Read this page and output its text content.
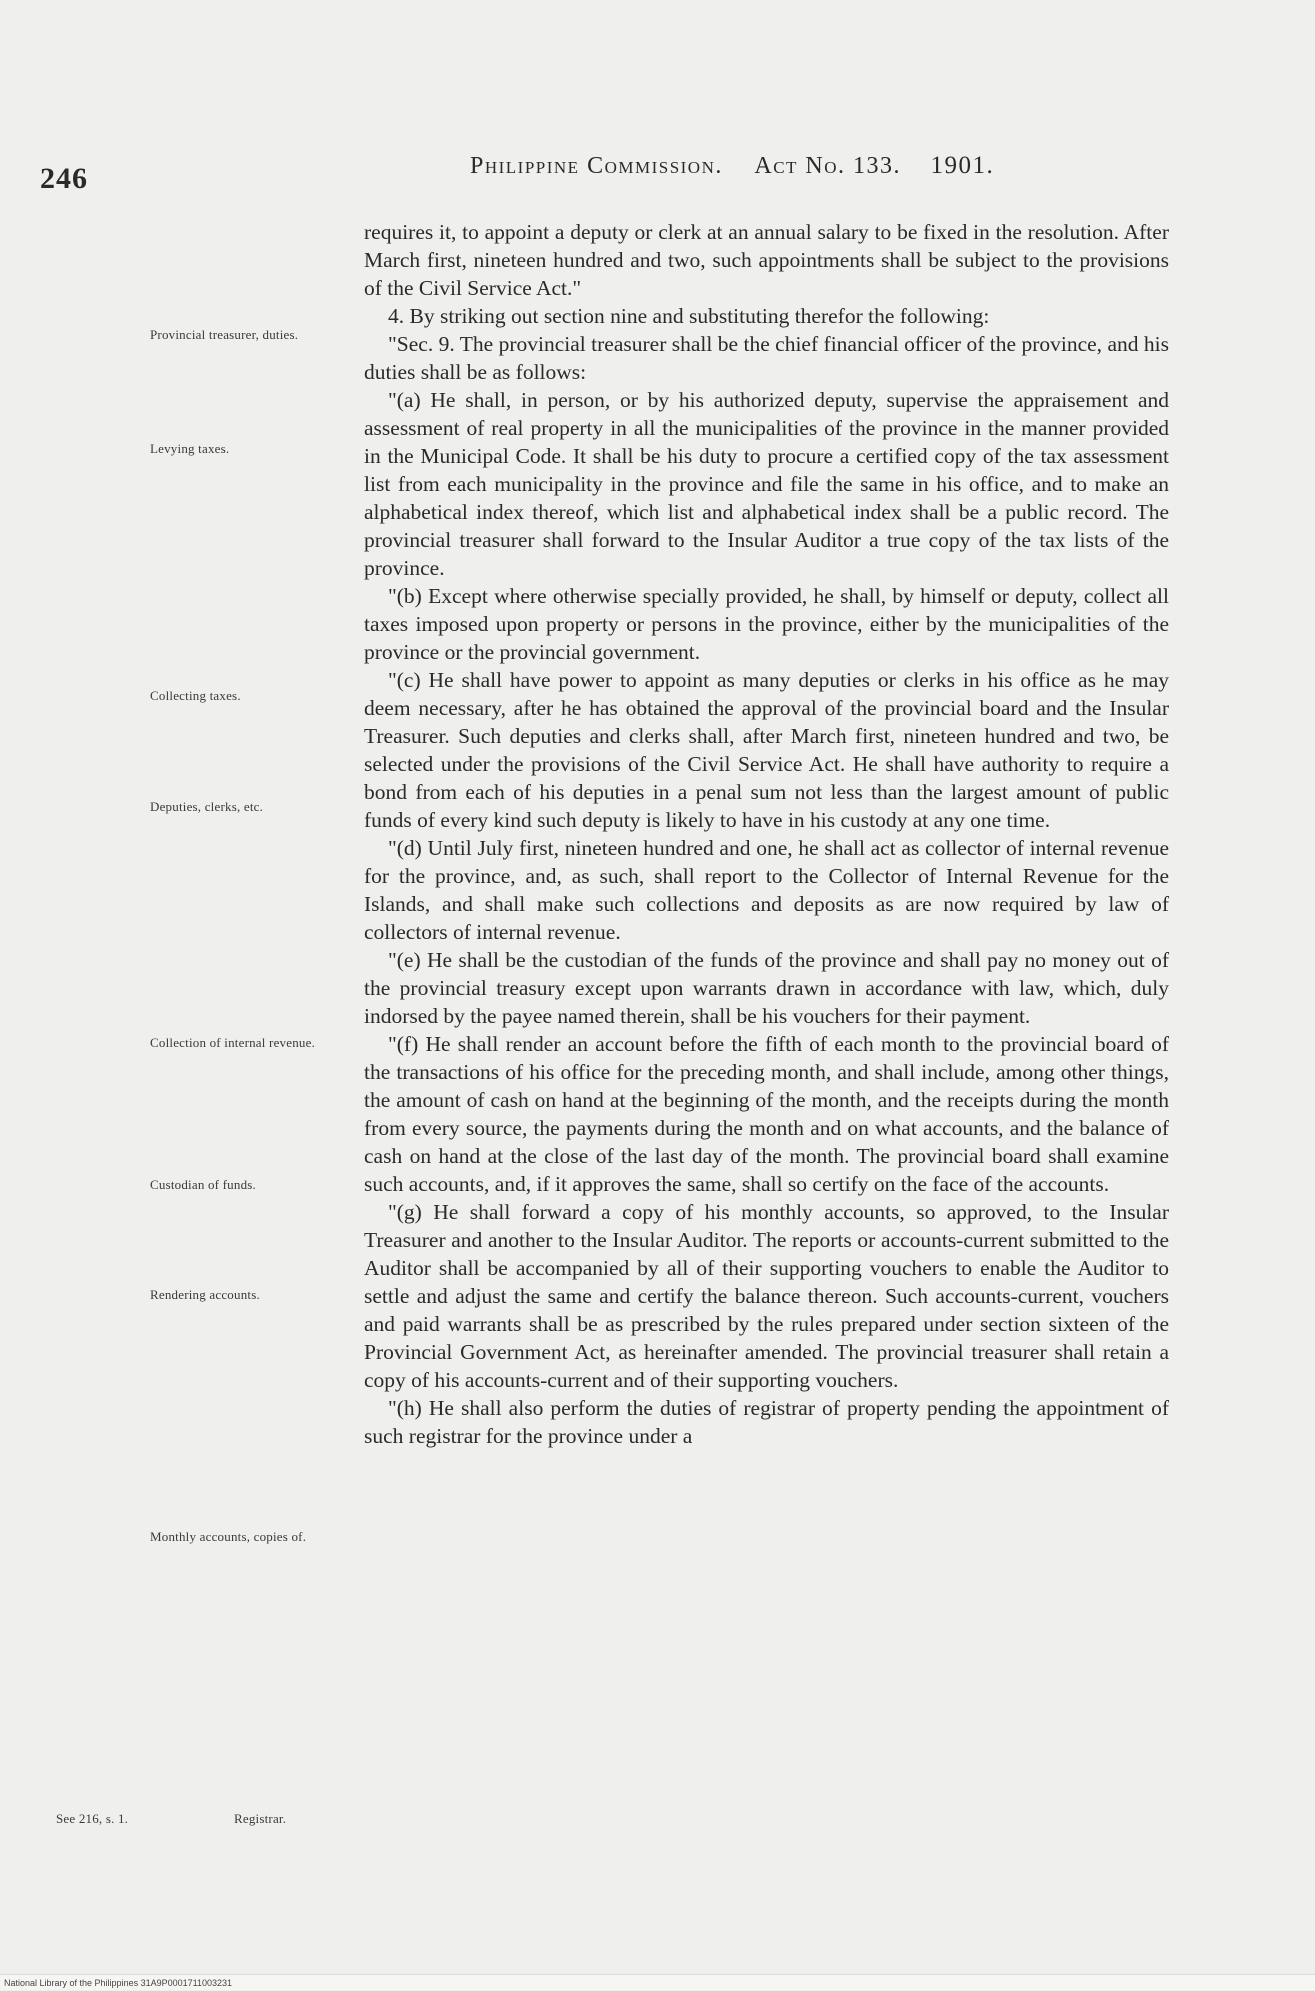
246	Philippine Commission. Act No. 133. 1901.
Provincial treasurer, duties.
Levying taxes.
Collecting taxes.
Deputies, clerks, etc.
Collection of internal revenue.
Custodian of funds.
Rendering accounts.
Monthly accounts, copies of.
See 216, s. 1.	Registrar.

requires it, to appoint a deputy or clerk at an annual salary to be fixed in the resolution. After March first, nineteen hundred and two, such appointments shall be subject to the provisions of the Civil Service Act."

4. By striking out section nine and substituting therefor the following:

"Sec. 9. The provincial treasurer shall be the chief financial officer of the province, and his duties shall be as follows:

"(a) He shall, in person, or by his authorized deputy, supervise the appraisement and assessment of real property in all the municipalities of the province in the manner provided in the Municipal Code. It shall be his duty to procure a certified copy of the tax assessment list from each municipality in the province and file the same in his office, and to make an alphabetical index thereof, which list and alphabetical index shall be a public record. The provincial treasurer shall forward to the Insular Auditor a true copy of the tax lists of the province.

"(b) Except where otherwise specially provided, he shall, by himself or deputy, collect all taxes imposed upon property or persons in the province, either by the municipalities of the province or the provincial government.

"(c) He shall have power to appoint as many deputies or clerks in his office as he may deem necessary, after he has obtained the approval of the provincial board and the Insular Treasurer. Such deputies and clerks shall, after March first, nineteen hundred and two, be selected under the provisions of the Civil Service Act. He shall have authority to require a bond from each of his deputies in a penal sum not less than the largest amount of public funds of every kind such deputy is likely to have in his custody at any one time.

"(d) Until July first, nineteen hundred and one, he shall act as collector of internal revenue for the province, and, as such, shall report to the Collector of Internal Revenue for the Islands, and shall make such collections and deposits as are now required by law of collectors of internal revenue.

"(e) He shall be the custodian of the funds of the province and shall pay no money out of the provincial treasury except upon warrants drawn in accordance with law, which, duly indorsed by the payee named therein, shall be his vouchers for their payment.

"(f) He shall render an account before the fifth of each month to the provincial board of the transactions of his office for the preceding month, and shall include, among other things, the amount of cash on hand at the beginning of the month, and the receipts during the month from every source, the payments during the month and on what accounts, and the balance of cash on hand at the close of the last day of the month. The provincial board shall examine such accounts, and, if it approves the same, shall so certify on the face of the accounts.

"(g) He shall forward a copy of his monthly accounts, so approved, to the Insular Treasurer and another to the Insular Auditor. The reports or accounts-current submitted to the Auditor shall be accompanied by all of their supporting vouchers to enable the Auditor to settle and adjust the same and certify the balance thereon. Such accounts-current, vouchers and paid warrants shall be as prescribed by the rules prepared under section sixteen of the Provincial Government Act, as hereinafter amended. The provincial treasurer shall retain a copy of his accounts-current and of their supporting vouchers.

"(h) He shall also perform the duties of registrar of property pending the appointment of such registrar for the province under a

National Library of the Philippines 31A9P0001711003231
